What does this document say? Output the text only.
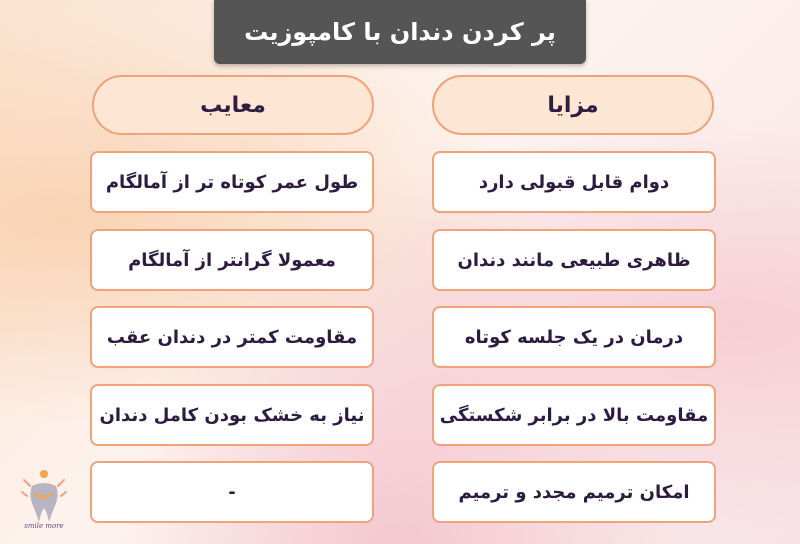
پر کردن دندان با کامپوزیت
معایب
طول عمر کوتاه تر از آمالگام
معمولا گرانتر از آمالگام
مقاومت کمتر در دندان عقب
نیاز به خشک بودن کامل دندان
-
مزایا
دوام قابل قبولی دارد
ظاهری طبیعی مانند دندان
درمان در یک جلسه کوتاه
مقاومت بالا در برابر شکستگی
امکان ترمیم مجدد و ترمیم
smile more
